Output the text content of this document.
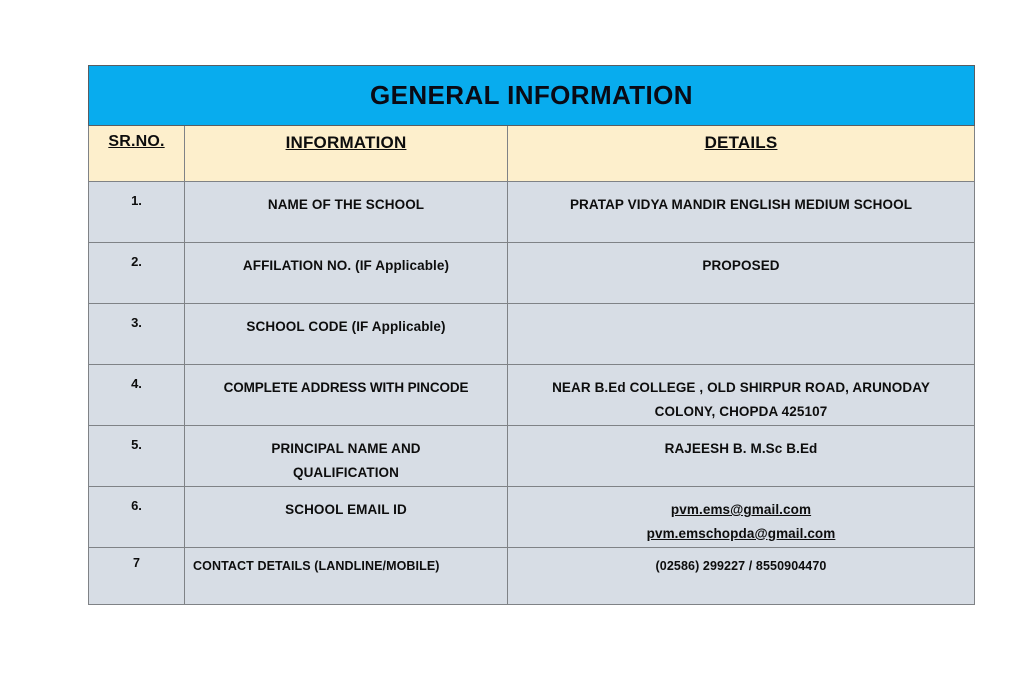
GENERAL INFORMATION		

SR.NO.	INFORMATION	DETAILS

1.	NAME OF THE SCHOOL	PRATAP VIDYA MANDIR ENGLISH MEDIUM SCHOOL

2.	AFFILATION NO. (IF Applicable)	PROPOSED

3.	SCHOOL CODE (IF Applicable)	

4.	COMPLETE ADDRESS WITH PINCODE	NEAR B.Ed COLLEGE , OLD SHIRPUR ROAD, ARUNODAY
COLONY, CHOPDA 425107

5.	PRINCIPAL NAME AND
QUALIFICATION	RAJEESH B. M.Sc B.Ed

6.	SCHOOL EMAIL ID	pvm.ems@gmail.com
pvm.emschopda@gmail.com

7	CONTACT DETAILS (LANDLINE/MOBILE)	(02586) 299227 / 8550904470
